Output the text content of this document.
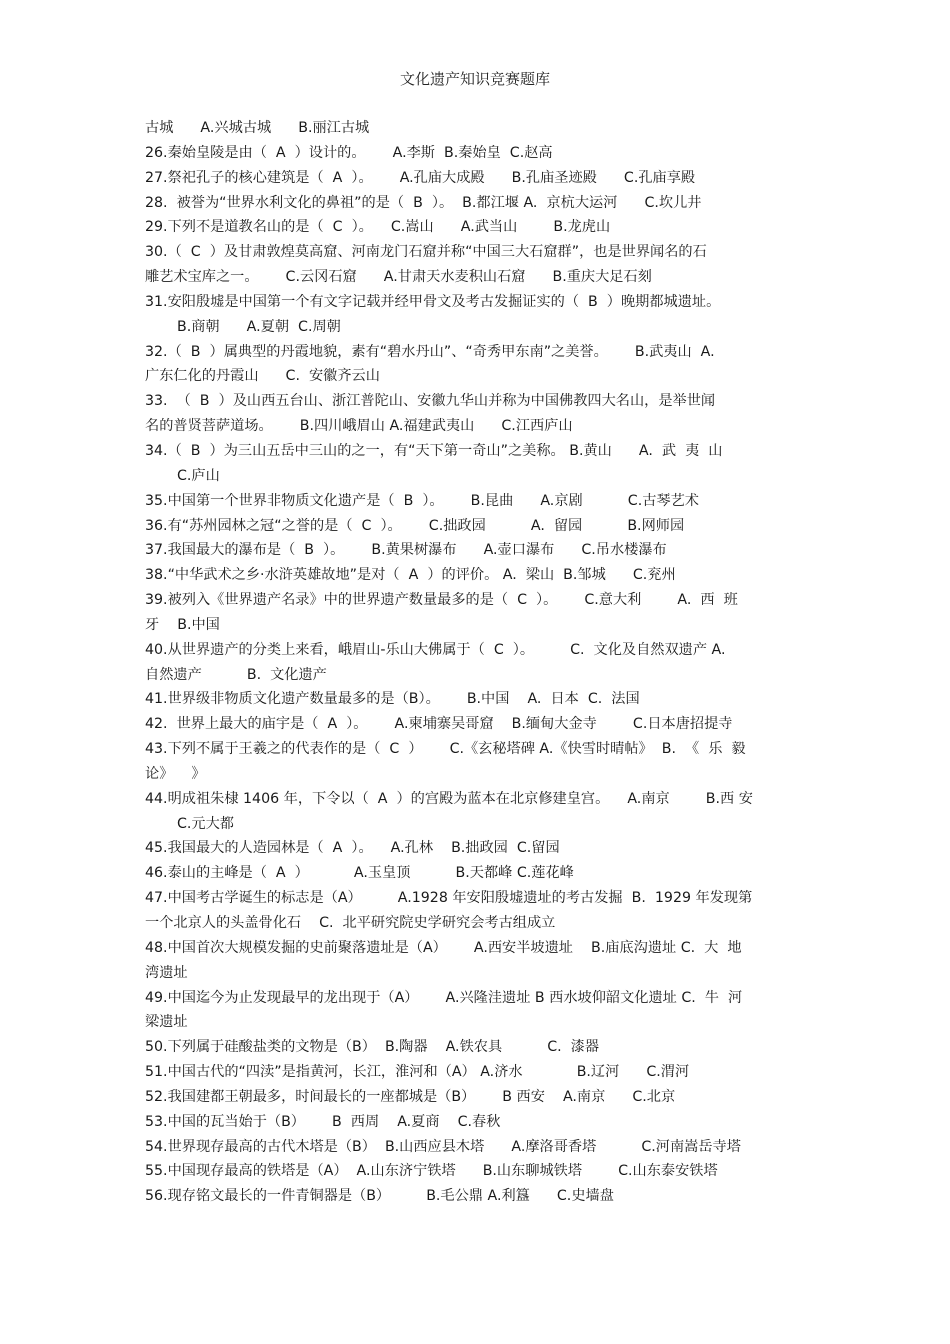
文化遗产知识竞赛题库
古城      A.兴城古城      B.丽江古城
26.秦始皇陵是由（  A  ）设计的。      A.李斯  B.秦始皇  C.赵高
27.祭祀孔子的核心建筑是（  A  ）。      A.孔庙大成殿      B.孔庙圣迹殿      C.孔庙享殿
28.  被誉为“世界水利文化的鼻祖”的是（  B  ）。  B.都江堰 A.  京杭大运河      C.坎儿井
29.下列不是道教名山的是（  C  ）。    C.嵩山      A.武当山        B.龙虎山
30.（  C  ）及甘肃敦煌莫高窟、河南龙门石窟并称“中国三大石窟群”，也是世界闻名的石
雕艺术宝库之一。      C.云冈石窟      A.甘肃天水麦积山石窟      B.重庆大足石刻
31.安阳殷墟是中国第一个有文字记载并经甲骨文及考古发掘证实的（  B  ）晚期都城遗址。
B.商朝      A.夏朝  C.周朝
32.（  B  ）属典型的丹霞地貌，素有“碧水丹山”、“奇秀甲东南”之美誉。      B.武夷山  A.
广东仁化的丹霞山      C.  安徽齐云山
33.  （  B  ）及山西五台山、浙江普陀山、安徽九华山并称为中国佛教四大名山，是举世闻
名的普贤菩萨道场。      B.四川峨眉山 A.福建武夷山      C.江西庐山
34.（  B  ）为三山五岳中三山的之一，有“天下第一奇山”之美称。 B.黄山      A.  武  夷  山
C.庐山
35.中国第一个世界非物质文化遗产是（  B  ）。      B.昆曲      A.京剧          C.古琴艺术
36.有“苏州园林之冠“之誉的是（  C  ）。      C.拙政园          A.  留园          B.网师园
37.我国最大的瀑布是（  B  ）。      B.黄果树瀑布      A.壶口瀑布      C.吊水楼瀑布
38.“中华武术之乡·水浒英雄故地”是对（  A  ）的评价。 A.  梁山  B.邹城      C.兖州
39.被列入《世界遗产名录》中的世界遗产数量最多的是（  C  ）。      C.意大利        A.  西  班
牙    B.中国
40.从世界遗产的分类上来看，峨眉山-乐山大佛属于（  C  ）。        C.  文化及自然双遗产 A.
自然遗产          B.  文化遗产
41.世界级非物质文化遗产数量最多的是（B）。      B.中国    A.  日本  C.  法国
42.  世界上最大的庙宇是（  A  ）。      A.柬埔寨吴哥窟    B.缅甸大金寺        C.日本唐招提寺
43.下列不属于王羲之的代表作的是（  C  ）      C.《玄秘塔碑 A.《快雪时晴帖》  B.  《  乐  毅
论》    》
44.明成祖朱棣 1406 年，下令以（  A  ）的宫殿为蓝本在北京修建皇宫。    A.南京        B.西 安
C.元大都
45.我国最大的人造园林是（  A  ）。    A.孔林    B.拙政园  C.留园
46.泰山的主峰是（  A  ）          A.玉皇顶          B.天都峰 C.莲花峰
47.中国考古学诞生的标志是（A）        A.1928 年安阳殷墟遗址的考古发掘  B.  1929 年发现第
一个北京人的头盖骨化石    C.  北平研究院史学研究会考古组成立
48.中国首次大规模发掘的史前聚落遗址是（A）      A.西安半坡遗址    B.庙底沟遗址 C.  大  地
湾遗址
49.中国迄今为止发现最早的龙出现于（A）      A.兴隆洼遗址 B 西水坡仰韶文化遗址 C.  牛  河
梁遗址
50.下列属于硅酸盐类的文物是（B）  B.陶器    A.铁农具          C.  漆器
51.中国古代的“四渎”是指黄河，长江，淮河和（A） A.济水            B.辽河      C.渭河
52.我国建都王朝最多，时间最长的一座都城是（B）      B 西安    A.南京      C.北京
53.中国的瓦当始于（B）      B  西周    A.夏商    C.春秋
54.世界现存最高的古代木塔是（B）  B.山西应县木塔      A.摩洛哥香塔          C.河南嵩岳寺塔
55.中国现存最高的铁塔是（A）  A.山东济宁铁塔      B.山东聊城铁塔        C.山东泰安铁塔
56.现存铭文最长的一件青铜器是（B）        B.毛公鼎 A.利簋      C.史墙盘
